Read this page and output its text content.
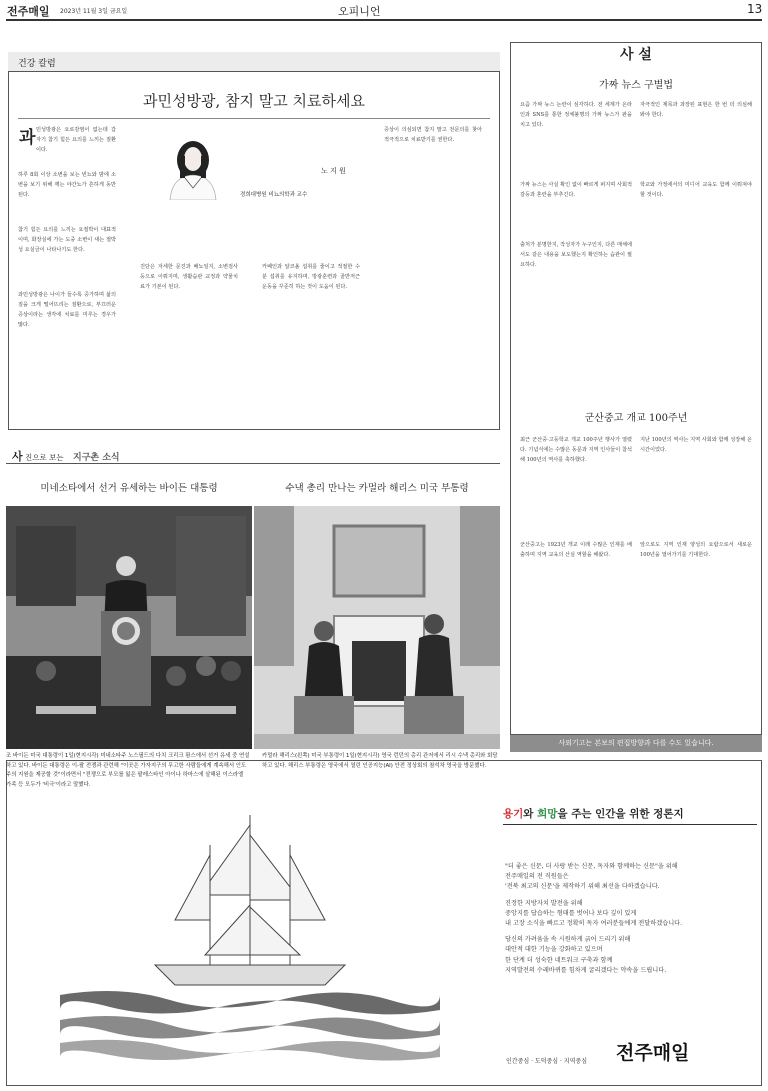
전주매일 2023년 11월 3일 금요일	오피니언	13
건강 칼럼
과민성방광, 참지 말고 치료하세요
과
노 지 원
경희대병원 비뇨의학과 교수
민성방광은 요로감염이 없는데 갑자기 참기 힘든 요의를 느끼는 질환이다.
하루 8회 이상 소변을 보는 빈뇨와 밤에 소변을 보기 위해 깨는 야간뇨가 흔하게 동반된다.
참기 힘든 요의를 느끼는 요절박이 대표적이며, 화장실에 가는 도중 소변이 새는 절박성 요실금이 나타나기도 한다.
과민성방광은 나이가 들수록 증가하며 삶의 질을 크게 떨어뜨리는 질환으로, 부끄러운 증상이라는 생각에 치료를 미루는 경우가 많다.
진단은 자세한 문진과 배뇨일지, 소변검사 등으로 이뤄지며, 생활습관 교정과 약물치료가 기본이 된다.
카페인과 알코올 섭취를 줄이고 적절한 수분 섭취를 유지하며, 방광훈련과 골반저근운동을 꾸준히 하는 것이 도움이 된다.
증상이 의심되면 참지 말고 전문의를 찾아 적극적으로 치료받기를 권한다.
사 설
가짜 뉴스 구별법
요즘 가짜 뉴스 논란이 심각하다. 전 세계가 온라인과 SNS를 통한 정체불명의 가짜 뉴스가 판을 치고 있다.
가짜 뉴스는 사실 확인 없이 빠르게 퍼지며 사회적 갈등과 혼란을 부추긴다.
출처가 분명한지, 작성자가 누구인지, 다른 매체에서도 같은 내용을 보도했는지 확인하는 습관이 필요하다.
자극적인 제목과 과장된 표현은 한 번 더 의심해 봐야 한다.
학교와 가정에서의 미디어 교육도 함께 이뤄져야 할 것이다.
군산중고 개교 100주년
최근 군산중·고등학교 개교 100주년 행사가 열렸다. 기념식에는 수많은 동문과 지역 인사들이 참석해 100년의 역사를 축하했다.
군산중고는 1923년 개교 이래 수많은 인재를 배출하며 지역 교육의 산실 역할을 해왔다.
지난 100년의 역사는 지역 사회와 함께 성장해 온 시간이었다.
앞으로도 지역 인재 양성의 요람으로서 새로운 100년을 열어가기를 기대한다.
사외기고는 본보의 편집방향과 다를 수도 있습니다.
사 진으로 보는 지구촌 소식
미네소타에서 선거 유세하는 바이든 대통령	수낵 총리 만나는 카멀라 해리스 미국 부통령
조 바이든 미국 대통령이 1일(현지시각) 미네소타주 노스필드의 다치 크리크 팜스에서 선거 유세 중 연설하고 있다. 바이든 대통령은 이-팔 전쟁과 관련해 "이곳은 가자지구의 무고한 사람들에게 계속해서 인도주의 지원을 제공할 것"이라면서 "전쟁으로 부모를 잃은 팔레스타인 아이나 하마스에 살해된 이스라엘 가족 등 모두가 '비극'이라고 말했다.
카멀라 해리스(왼쪽) 미국 부통령이 1일(현지시각) 영국 런던의 총리 관저에서 리시 수낵 총리와 회담하고 있다. 해리스 부통령은 영국에서 열린 인공지능(AI) 안전 정상회의 참석차 영국을 방문했다.
용기와 희망을 주는 인간을 위한 정론지

"더 좋은 신문, 더 사랑 받는 신문, 독자와 함께하는 신문"을 위해

전주매일의 전 직원들은

'전북 최고의 신문'을 제작하기 위해 최선을 다하겠습니다.

진정한 지방자치 발전을 위해

중앙지를 답습하는 형태를 벗어나 보다 깊이 있게

내 고장 소식을 빠르고 정확히 독자 여러분들에게 전달하겠습니다.

당신의 가려움을 속 시원하게 긁어 드리기 위해

대안적 대한 기능을 강화하고 있으며

한 단계 더 성숙한 네트워크 구축과 함께

지역발전의 수레바퀴를 힘차게 굴리겠다는 약속을 드립니다.

인간중심 · 도덕중심 · 지역중심 전주매일
